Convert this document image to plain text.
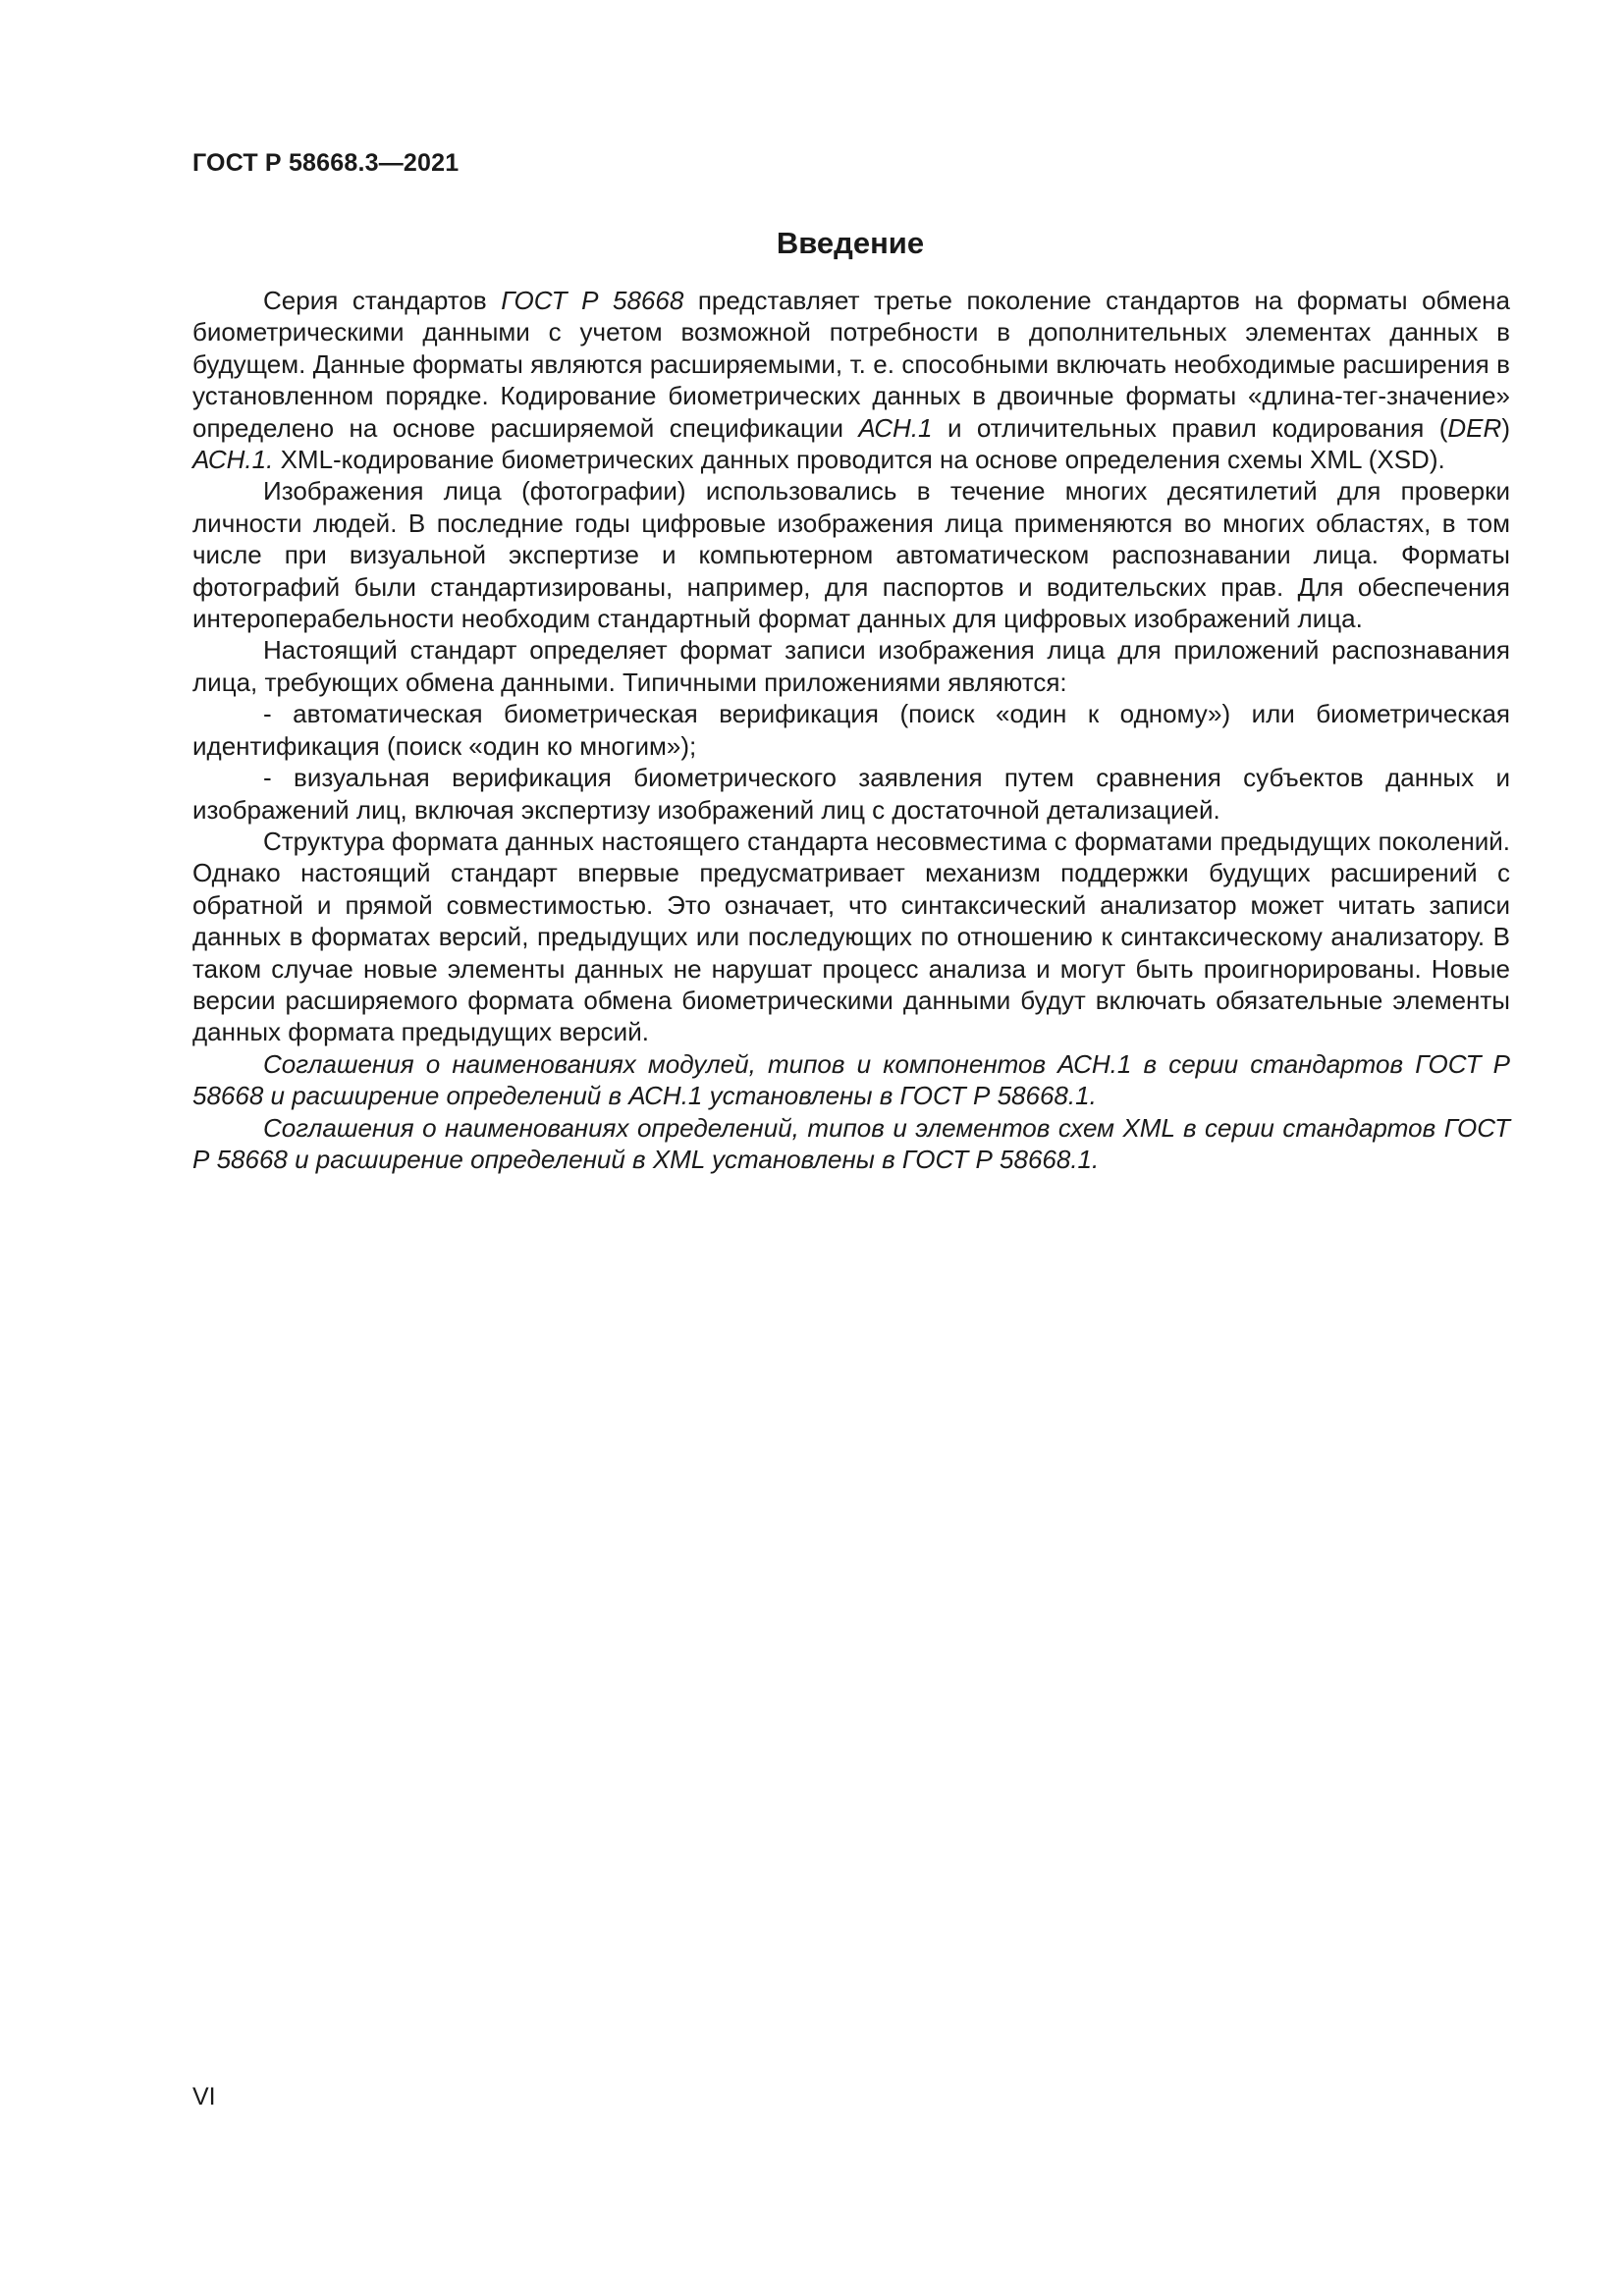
ГОСТ Р 58668.3—2021
Введение

Серия стандартов ГОСТ Р 58668 представляет третье поколение стандартов на форматы обмена биометрическими данными с учетом возможной потребности в дополнительных элементах данных в будущем. Данные форматы являются расширяемыми, т. е. способными включать необходимые расширения в установленном порядке. Кодирование биометрических данных в двоичные форматы «длина-тег-значение» определено на основе расширяемой спецификации АСН.1 и отличительных правил кодирования (DER) АСН.1. XML-кодирование биометрических данных проводится на основе определения схемы XML (XSD).

Изображения лица (фотографии) использовались в течение многих десятилетий для проверки личности людей. В последние годы цифровые изображения лица применяются во многих областях, в том числе при визуальной экспертизе и компьютерном автоматическом распознавании лица. Форматы фотографий были стандартизированы, например, для паспортов и водительских прав. Для обеспечения интероперабельности необходим стандартный формат данных для цифровых изображений лица.

Настоящий стандарт определяет формат записи изображения лица для приложений распознавания лица, требующих обмена данными. Типичными приложениями являются:

- автоматическая биометрическая верификация (поиск «один к одному») или биометрическая идентификация (поиск «один ко многим»);

- визуальная верификация биометрического заявления путем сравнения субъектов данных и изображений лиц, включая экспертизу изображений лиц с достаточной детализацией.

Структура формата данных настоящего стандарта несовместима с форматами предыдущих поколений. Однако настоящий стандарт впервые предусматривает механизм поддержки будущих расширений с обратной и прямой совместимостью. Это означает, что синтаксический анализатор может читать записи данных в форматах версий, предыдущих или последующих по отношению к синтаксическому анализатору. В таком случае новые элементы данных не нарушат процесс анализа и могут быть проигнорированы. Новые версии расширяемого формата обмена биометрическими данными будут включать обязательные элементы данных формата предыдущих версий.

Соглашения о наименованиях модулей, типов и компонентов АСН.1 в серии стандартов ГОСТ Р 58668 и расширение определений в АСН.1 установлены в ГОСТ Р 58668.1.

Соглашения о наименованиях определений, типов и элементов схем XML в серии стандартов ГОСТ Р 58668 и расширение определений в XML установлены в ГОСТ Р 58668.1.

VI
